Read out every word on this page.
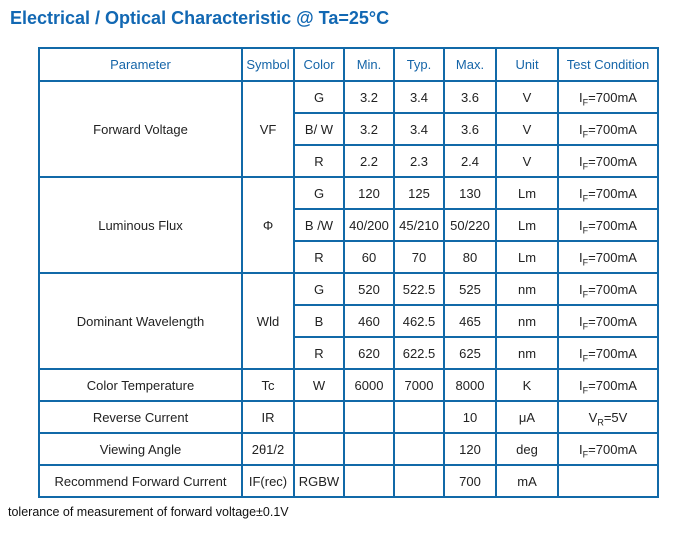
Electrical / Optical Characteristic @ Ta=25°C
Parameter	Symbol	Color	Min.	Typ.	Max.	Unit	Test Condition
Forward Voltage	VF	G	3.2	3.4	3.6	V	$I_F=700mA$
		B/ W	3.2	3.4	3.6	V	$I_F=700mA$
		R	2.2	2.3	2.4	V	$I_F=700mA$
Luminous Flux	Φ	G	120	125	130	Lm	$I_F=700mA$
		B /W	40/200	45/210	50/220	Lm	$I_F=700mA$
		R	60	70	80	Lm	$I_F=700mA$
Dominant Wavelength	Wld	G	520	522.5	525	nm	$I_F=700mA$
		B	460	462.5	465	nm	$I_F=700mA$
		R	620	622.5	625	nm	$I_F=700mA$
Color Temperature	Tc	W	6000	7000	8000	K	$I_F=700mA$
Reverse Current	IR				10	μA	$V_R=5V$
Viewing Angle	2θ1/2				120	deg	$I_F=700mA$
Recommend Forward Current	IF(rec)	RGBW			700	mA	
tolerance of measurement of forward voltage±0.1V
